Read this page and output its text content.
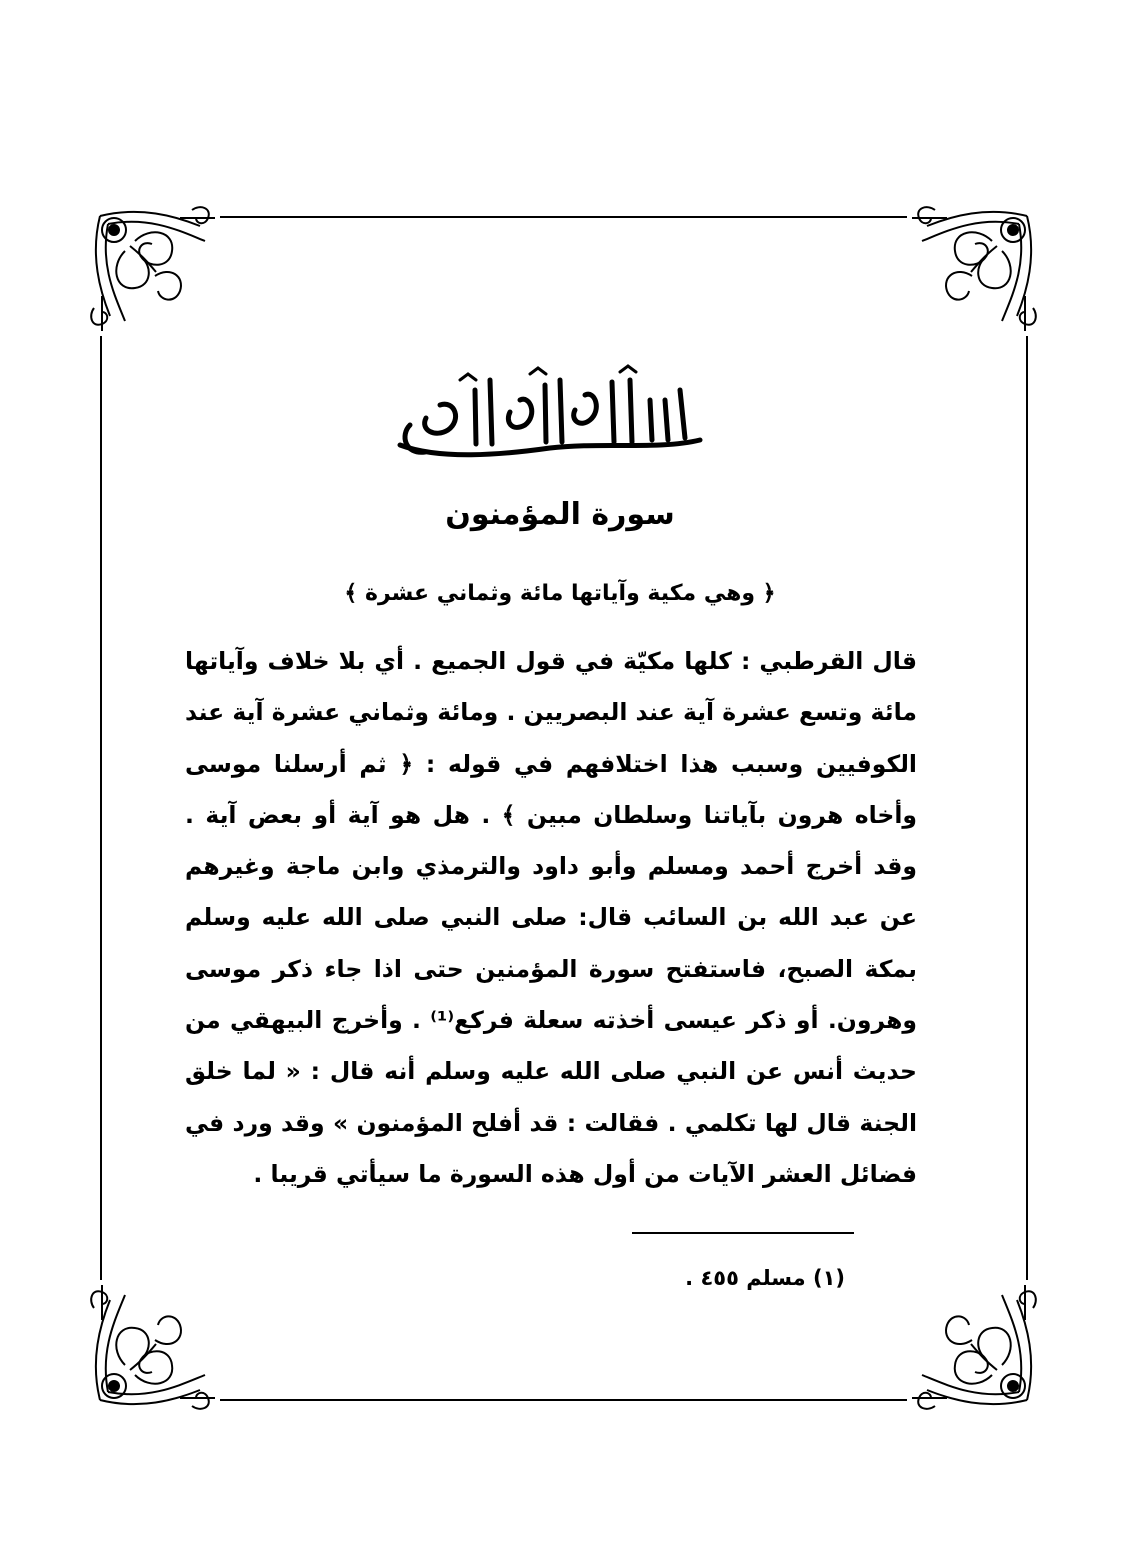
سورة المؤمنون
﴿ وهي مكية وآياتها مائة وثماني عشرة ﴾
قال القرطبي : كلها مكيّة في قول الجميع . أي بلا خلاف وآياتها مائة وتسع عشرة آية عند البصريين . ومائة وثماني عشرة آية عند الكوفيين وسبب هذا اختلافهم في قوله : ﴿ ثم أرسلنا موسى وأخاه هرون بآياتنا وسلطان مبين ﴾ . هل هو آية أو بعض آية . وقد أخرج أحمد ومسلم وأبو داود والترمذي وابن ماجة وغيرهم عن عبد الله بن السائب قال: صلى النبي صلى الله عليه وسلم بمكة الصبح، فاستفتح سورة المؤمنين حتى اذا جاء ذكر موسى وهرون. أو ذكر عيسى أخذته سعلة فركع⁽¹⁾ . وأخرج البيهقي من حديث أنس عن النبي صلى الله عليه وسلم أنه قال : « لما خلق الجنة قال لها تكلمي . فقالت : قد أفلح المؤمنون » وقد ورد في فضائل العشر الآيات من أول هذه السورة ما سيأتي قريبا .
(١) مسلم ٤٥٥ .
